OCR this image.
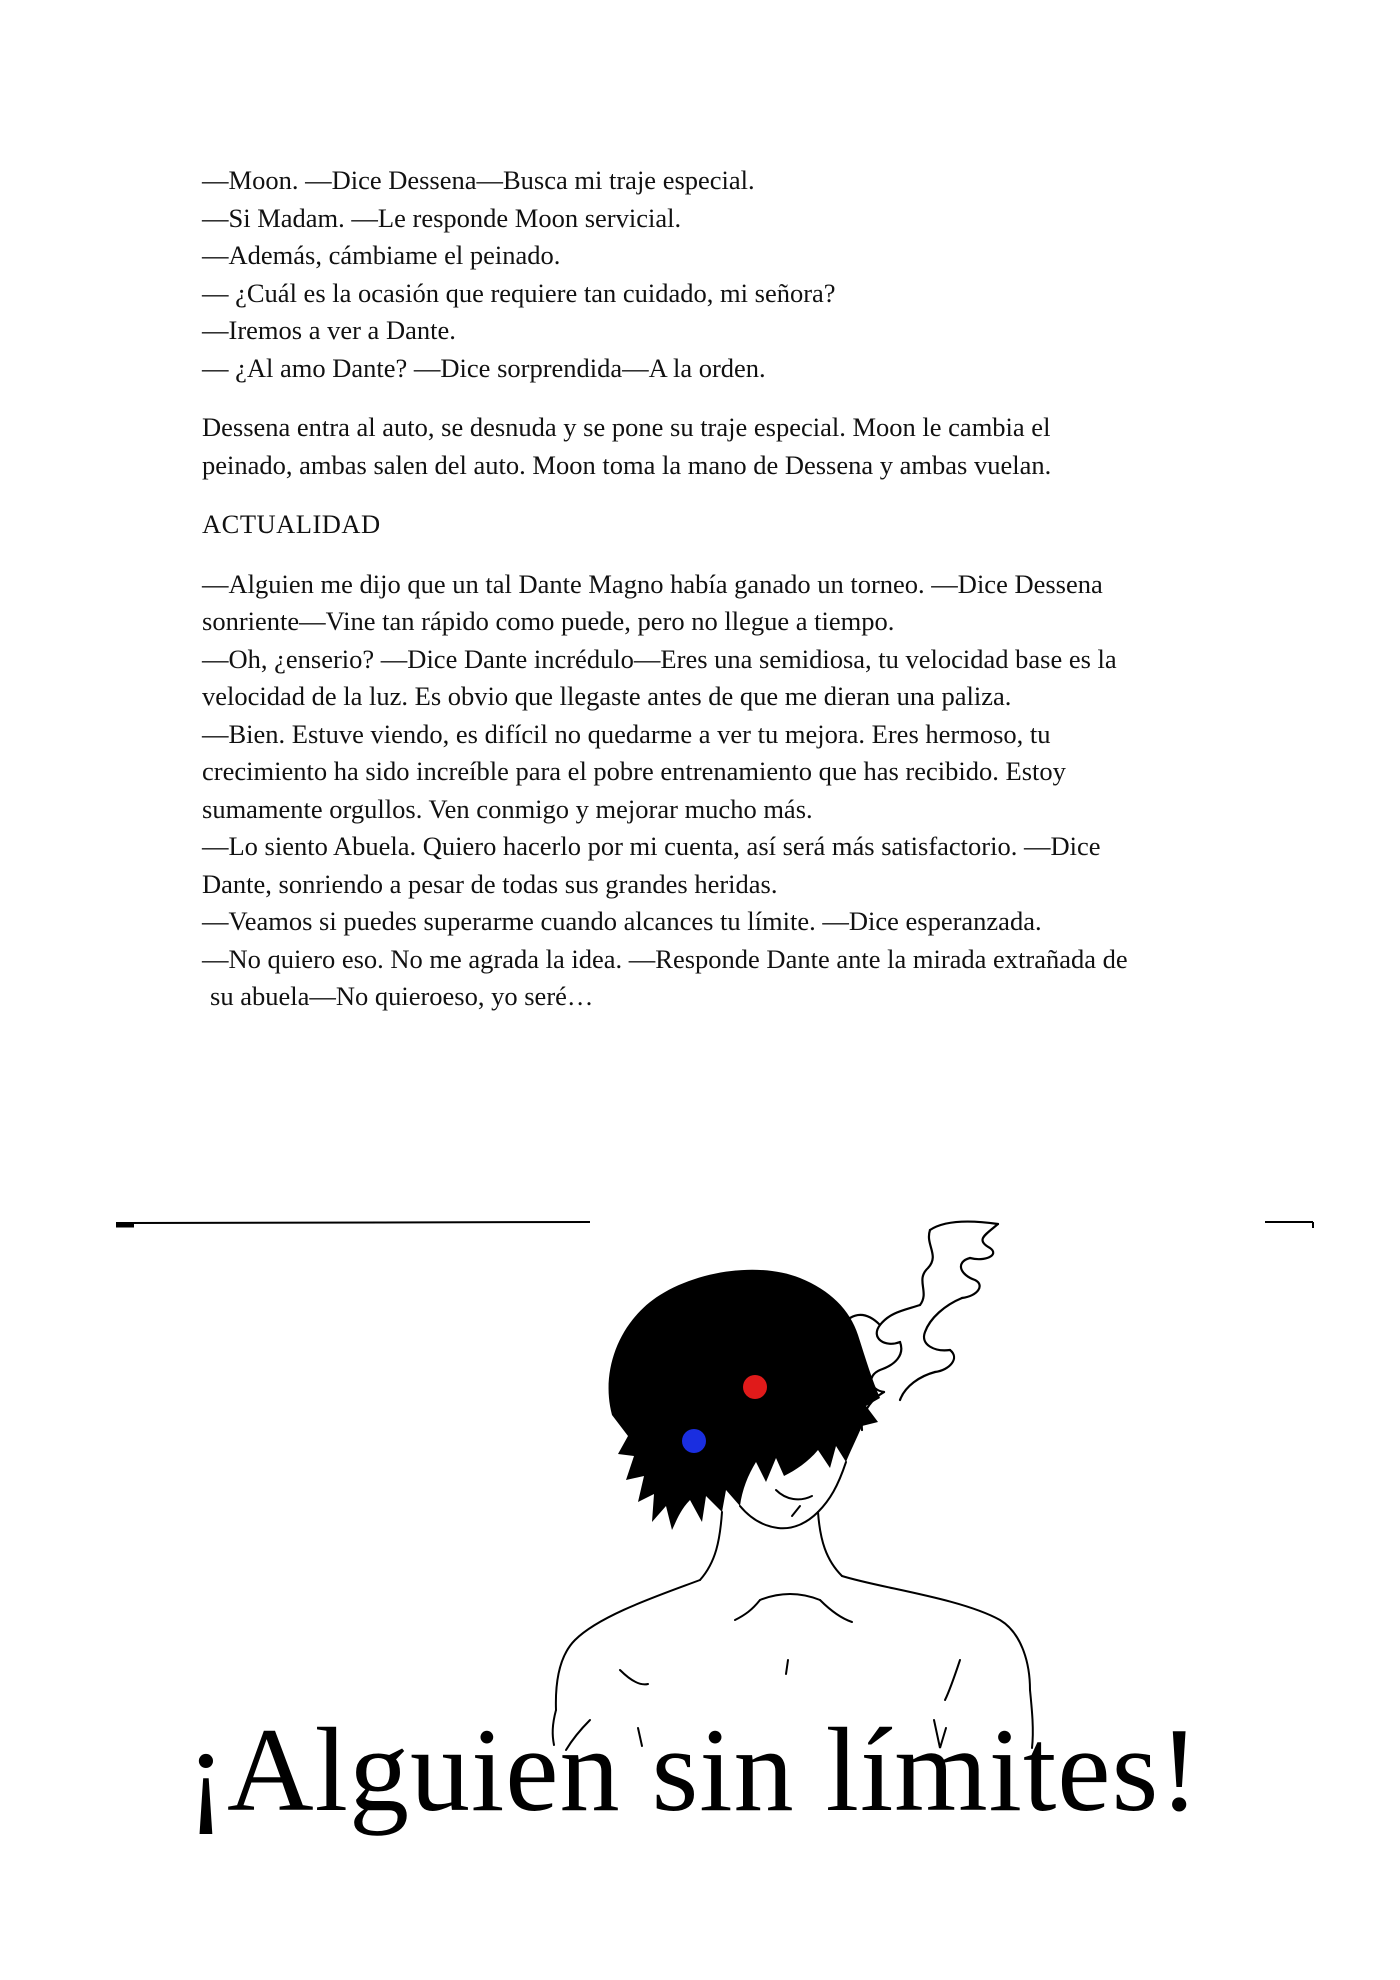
—Moon. —Dice Dessena—Busca mi traje especial.

—Si Madam. —Le responde Moon servicial.

—Además, cámbiame el peinado.

— ¿Cuál es la ocasión que requiere tan cuidado, mi señora?

—Iremos a ver a Dante.

— ¿Al amo Dante? —Dice sorprendida—A la orden.

Dessena entra al auto, se desnuda y se pone su traje especial. Moon le cambia el

peinado, ambas salen del auto. Moon toma la mano de Dessena y ambas vuelan.

ACTUALIDAD

—Alguien me dijo que un tal Dante Magno había ganado un torneo. —Dice Dessena

sonriente—Vine tan rápido como puede, pero no llegue a tiempo.

—Oh, ¿enserio? —Dice Dante incrédulo—Eres una semidiosa, tu velocidad base es la

velocidad de la luz. Es obvio que llegaste antes de que me dieran una paliza.

—Bien. Estuve viendo, es difícil no quedarme a ver tu mejora. Eres hermoso, tu

crecimiento ha sido increíble para el pobre entrenamiento que has recibido. Estoy

sumamente orgullos. Ven conmigo y mejorar mucho más.

—Lo siento Abuela. Quiero hacerlo por mi cuenta, así será más satisfactorio. —Dice

Dante, sonriendo a pesar de todas sus grandes heridas.

—Veamos si puedes superarme cuando alcances tu límite. —Dice esperanzada.

—No quiero eso. No me agrada la idea. —Responde Dante ante la mirada extrañada de

su abuela—No quieroeso, yo seré…

¡Alguien sin límites!
